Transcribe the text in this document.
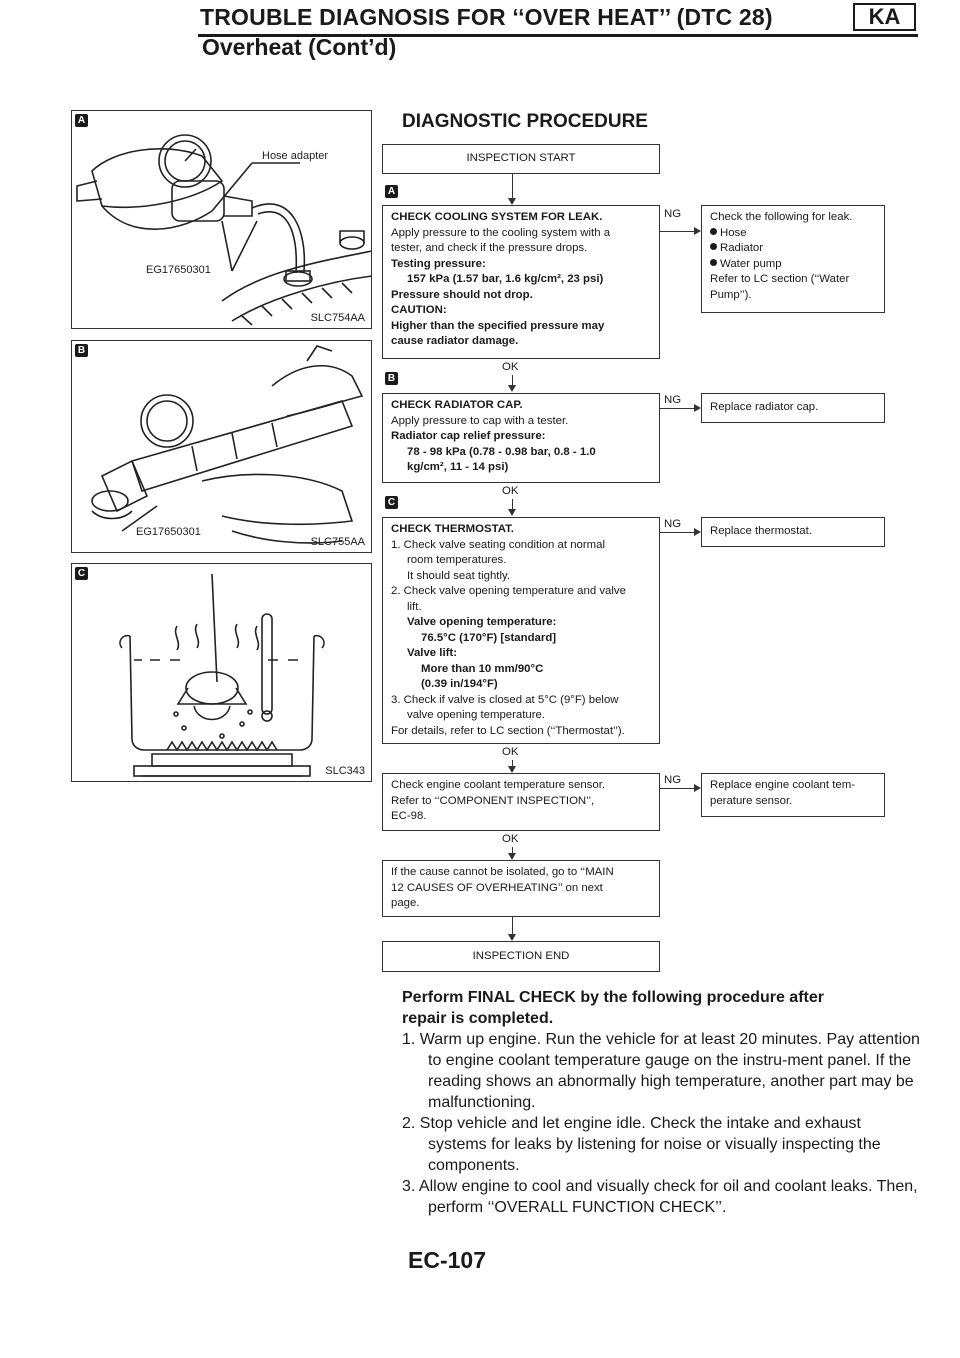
TROUBLE DIAGNOSIS FOR ‘‘OVER HEAT’’ (DTC 28)	KA
Overheat (Cont’d)
Hose adapter
EG17650301
A
SLC754AA
EG17650301
B
SLC755AA
C
SLC343
DIAGNOSTIC PROCEDURE
INSPECTION START
A
CHECK COOLING SYSTEM FOR LEAK.
Apply pressure to the cooling system with a
tester, and check if the pressure drops.
Testing pressure:
157 kPa (1.57 bar, 1.6 kg/cm², 23 psi)
Pressure should not drop.
CAUTION:
Higher than the specified pressure may
cause radiator damage.
NG	Check the following for leak.
Hose
Radiator
Water pump
Refer to LC section (‘‘Water
Pump’’).
OK
B
CHECK RADIATOR CAP.
Apply pressure to cap with a tester.
Radiator cap relief pressure:
78 - 98 kPa (0.78 - 0.98 bar, 0.8 - 1.0
kg/cm², 11 - 14 psi)
NG
Replace radiator cap.
OK
C
CHECK THERMOSTAT.
1. Check valve seating condition at normal
room temperatures.
It should seat tightly.
2. Check valve opening temperature and valve
lift.
Valve opening temperature:
76.5°C (170°F) [standard]
Valve lift:
More than 10 mm/90°C
(0.39 in/194°F)
3. Check if valve is closed at 5°C (9°F) below
valve opening temperature.
For details, refer to LC section (‘‘Thermostat’’).
NG
Replace thermostat.
OK
Check engine coolant temperature sensor.
Refer to ‘‘COMPONENT INSPECTION’’,
EC-98.
NG	Replace engine coolant tem-
perature sensor.
OK
If the cause cannot be isolated, go to ‘‘MAIN
12 CAUSES OF OVERHEATING’’ on next
page.
INSPECTION END
Perform FINAL CHECK by the following procedure after
repair is completed.
1. Warm up engine. Run the vehicle for at least 20 minutes. Pay attention to engine coolant temperature gauge on the instru-ment panel. If the reading shows an abnormally high temperature, another part may be malfunctioning.
2. Stop vehicle and let engine idle. Check the intake and exhaust systems for leaks by listening for noise or visually inspecting the components.
3. Allow engine to cool and visually check for oil and coolant leaks. Then, perform ‘‘OVERALL FUNCTION CHECK’’.
EC-107
